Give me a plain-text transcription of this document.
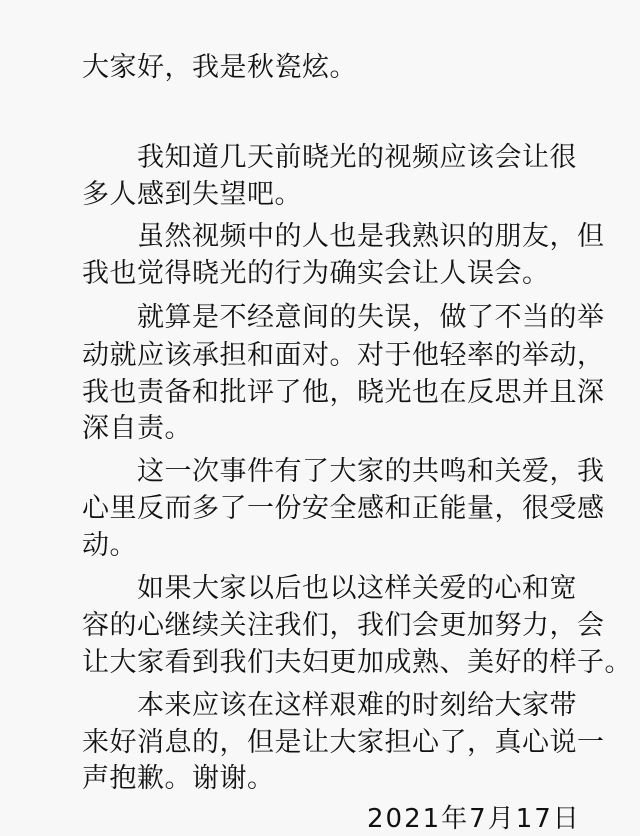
大家好，我是秋瓷炫。
我知道几天前晓光的视频应该会让很
多人感到失望吧。
虽然视频中的人也是我熟识的朋友，但
我也觉得晓光的行为确实会让人误会。
就算是不经意间的失误，做了不当的举
动就应该承担和面对。对于他轻率的举动，
我也责备和批评了他，晓光也在反思并且深
深自责。
这一次事件有了大家的共鸣和关爱，我
心里反而多了一份安全感和正能量，很受感
动。
如果大家以后也以这样关爱的心和宽
容的心继续关注我们，我们会更加努力，会
让大家看到我们夫妇更加成熟、美好的样子。
本来应该在这样艰难的时刻给大家带
来好消息的，但是让大家担心了，真心说一
声抱歉。谢谢。
2021年7月17日
